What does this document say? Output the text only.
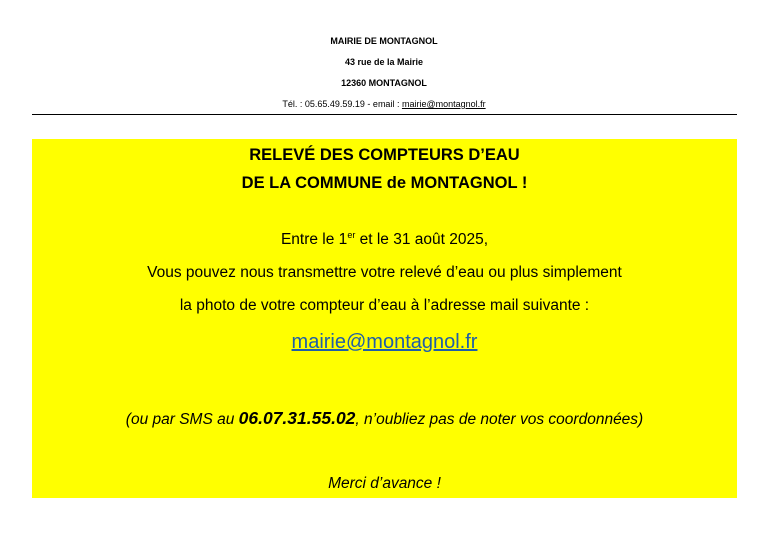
MAIRIE DE MONTAGNOL
43 rue de la Mairie
12360 MONTAGNOL
Tél. : 05.65.49.59.19 - email : mairie@montagnol.fr
RELEVÉ DES COMPTEURS D’EAU
DE LA COMMUNE de MONTAGNOL !
Entre le 1er et le 31 août 2025,
Vous pouvez nous transmettre votre relevé d’eau ou plus simplement
la photo de votre compteur d’eau à l’adresse mail suivante :
mairie@montagnol.fr
(ou par SMS au 06.07.31.55.02, n’oubliez pas de noter vos coordonnées)
Merci d’avance !
